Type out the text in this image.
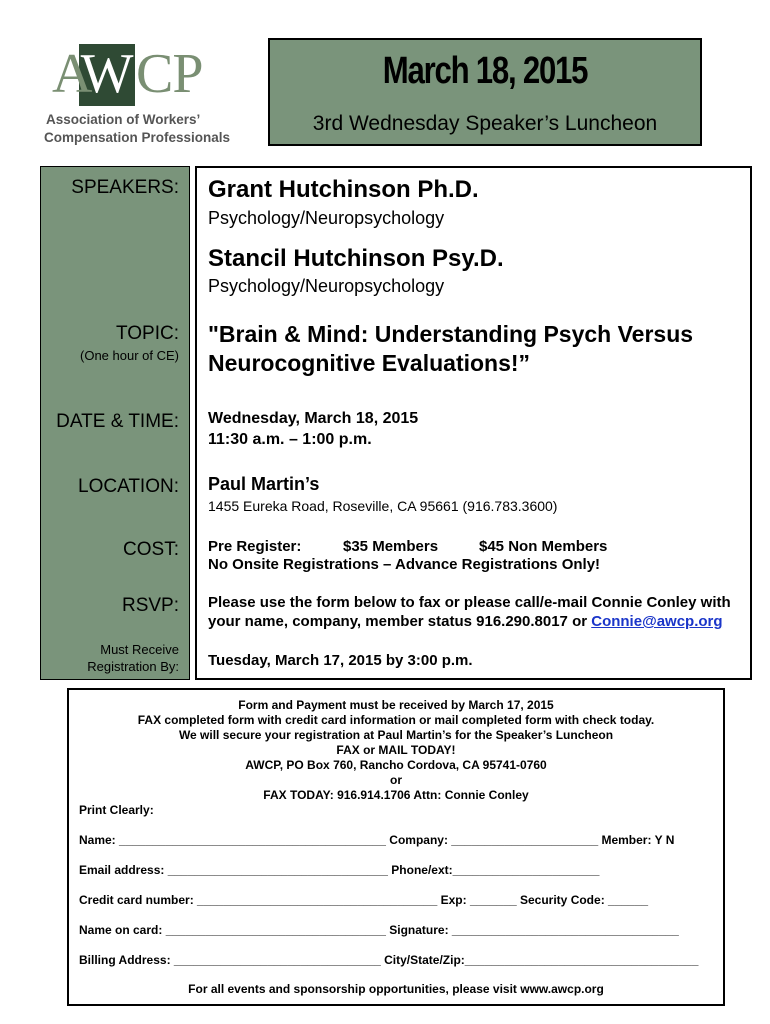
A
W CP
Association of Workers’
Compensation Professionals
March 18, 2015
3rd Wednesday Speaker’s Luncheon
SPEAKERS:
TOPIC:
(One hour of CE)
DATE & TIME:
LOCATION:
COST:
RSVP:
Must Receive
Registration By:
Grant Hutchinson Ph.D.
Psychology/Neuropsychology
Stancil Hutchinson Psy.D.
Psychology/Neuropsychology
"Brain & Mind: Understanding Psych Versus
Neurocognitive Evaluations!”
Wednesday, March 18, 2015
11:30 a.m. – 1:00 p.m.
Paul Martin’s
1455 Eureka Road, Roseville, CA 95661 (916.783.3600)
Pre Register:	$35 Members	$45 Non Members
No Onsite Registrations – Advance Registrations Only!
Please use the form below to fax or please call/e-mail Connie Conley with
your name, company, member status 916.290.8017 or Connie@awcp.org
Tuesday, March 17, 2015 by 3:00 p.m.
Form and Payment must be received by March 17, 2015
FAX completed form with credit card information or mail completed form with check today.
We will secure your registration at Paul Martin’s for the Speaker’s Luncheon
FAX or MAIL TODAY!
AWCP, PO Box 760, Rancho Cordova, CA 95741-0760
or
FAX TODAY: 916.914.1706 Attn: Connie Conley
Print Clearly:
Name: ________________________________________ Company: ______________________ Member: Y N
Email address: _________________________________ Phone/ext:______________________
Credit card number: ____________________________________ Exp: _______ Security Code: ______
Name on card: _________________________________ Signature: __________________________________
Billing Address: _______________________________ City/State/Zip:___________________________________
For all events and sponsorship opportunities, please visit www.awcp.org
